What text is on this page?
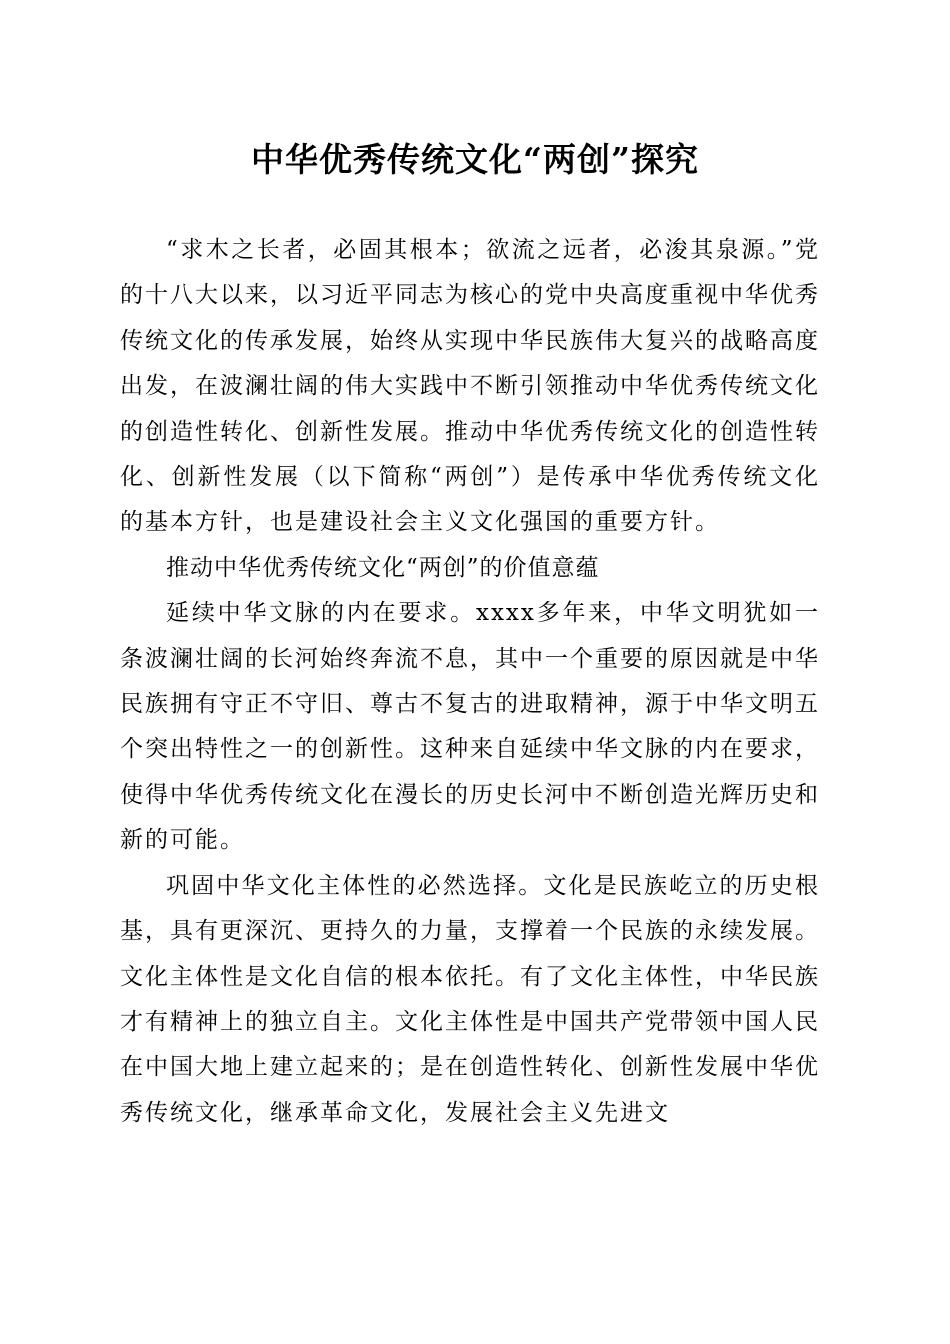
中华优秀传统文化“两创”探究

“求木之长者，必固其根本；欲流之远者，必浚其泉源。”党的十八大以来，以习近平同志为核心的党中央高度重视中华优秀传统文化的传承发展，始终从实现中华民族伟大复兴的战略高度出发，在波澜壮阔的伟大实践中不断引领推动中华优秀传统文化的创造性转化、创新性发展。推动中华优秀传统文化的创造性转化、创新性发展（以下简称“两创”）是传承中华优秀传统文化的基本方针，也是建设社会主义文化强国的重要方针。

推动中华优秀传统文化“两创”的价值意蕴

延续中华文脉的内在要求。xxxx多年来，中华文明犹如一条波澜壮阔的长河始终奔流不息，其中一个重要的原因就是中华民族拥有守正不守旧、尊古不复古的进取精神，源于中华文明五个突出特性之一的创新性。这种来自延续中华文脉的内在要求，使得中华优秀传统文化在漫长的历史长河中不断创造光辉历史和新的可能。

巩固中华文化主体性的必然选择。文化是民族屹立的历史根基，具有更深沉、更持久的力量，支撑着一个民族的永续发展。文化主体性是文化自信的根本依托。有了文化主体性，中华民族才有精神上的独立自主。文化主体性是中国共产党带领中国人民在中国大地上建立起来的；是在创造性转化、创新性发展中华优秀传统文化，继承革命文化，发展社会主义先进文
